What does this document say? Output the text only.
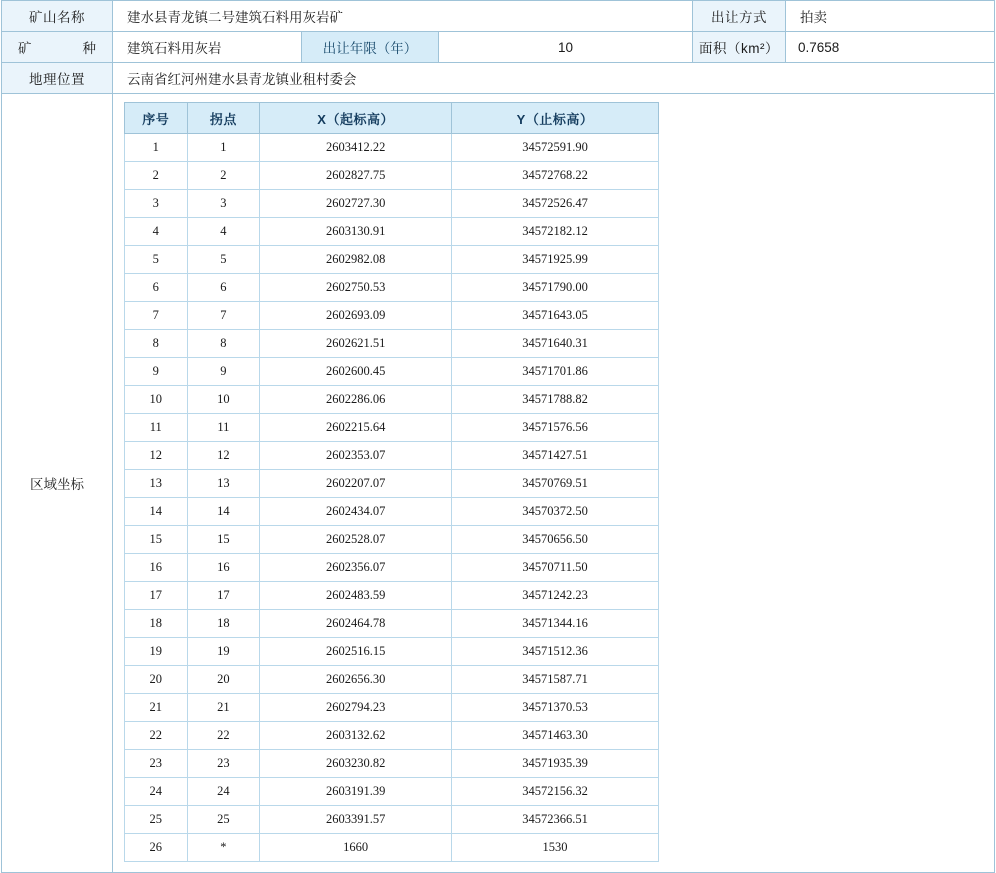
矿山名称	建水县青龙镇二号建筑石料用灰岩矿	出让方式	拍卖
矿　　种	建筑石料用灰岩	出让年限（年）	10	面积（km²）	0.7658
地理位置	云南省红河州建水县青龙镇业租村委会
区域坐标	
序号	拐点	X（起标高）	Y（止标高）
1	1	2603412.22	34572591.90
2	2	2602827.75	34572768.22
3	3	2602727.30	34572526.47
4	4	2603130.91	34572182.12
5	5	2602982.08	34571925.99
6	6	2602750.53	34571790.00
7	7	2602693.09	34571643.05
8	8	2602621.51	34571640.31
9	9	2602600.45	34571701.86
10	10	2602286.06	34571788.82
11	11	2602215.64	34571576.56
12	12	2602353.07	34571427.51
13	13	2602207.07	34570769.51
14	14	2602434.07	34570372.50
15	15	2602528.07	34570656.50
16	16	2602356.07	34570711.50
17	17	2602483.59	34571242.23
18	18	2602464.78	34571344.16
19	19	2602516.15	34571512.36
20	20	2602656.30	34571587.71
21	21	2602794.23	34571370.53
22	22	2603132.62	34571463.30
23	23	2603230.82	34571935.39
24	24	2603191.39	34572156.32
25	25	2603391.57	34572366.51
26	*	1660	1530
